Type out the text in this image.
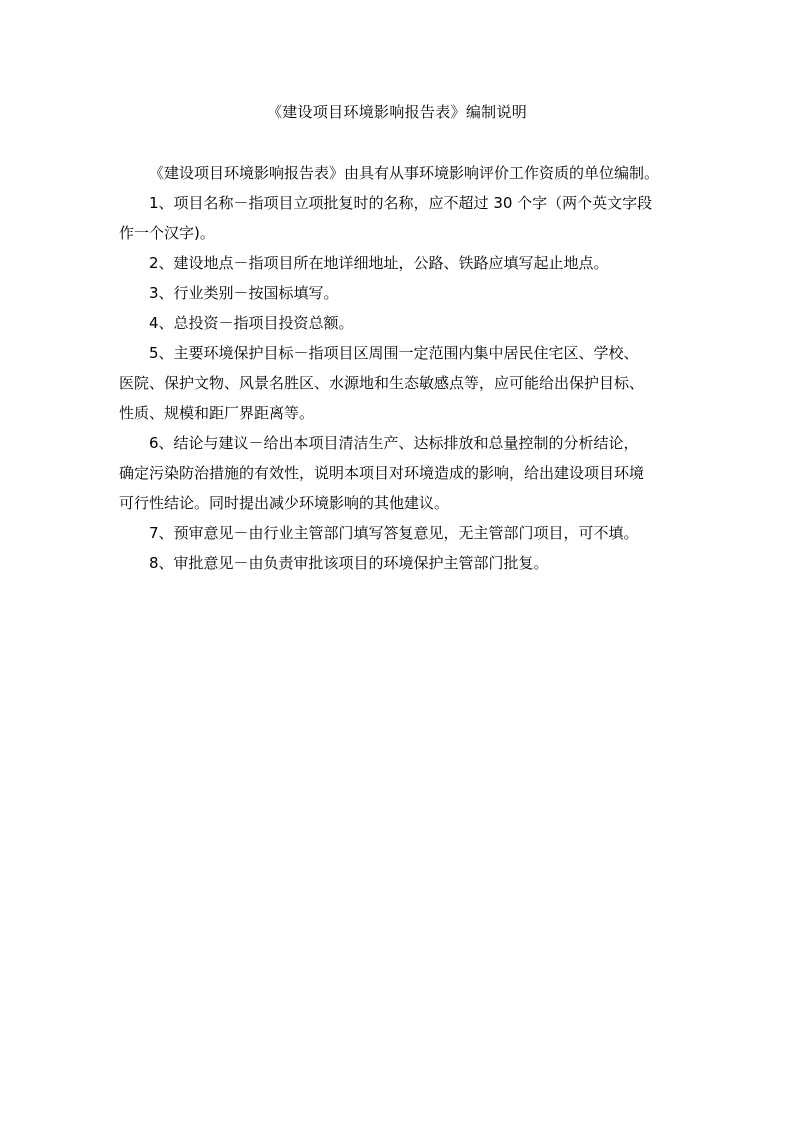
《建设项目环境影响报告表》编制说明
《建设项目环境影响报告表》由具有从事环境影响评价工作资质的单位编制。
1、项目名称－指项目立项批复时的名称，应不超过 30 个字（两个英文字段
作一个汉字)。
2、建设地点－指项目所在地详细地址，公路、铁路应填写起止地点。
3、行业类别－按国标填写。
4、总投资－指项目投资总额。
5、主要环境保护目标－指项目区周围一定范围内集中居民住宅区、学校、
医院、保护文物、风景名胜区、水源地和生态敏感点等，应可能给出保护目标、
性质、规模和距厂界距离等。
6、结论与建议－给出本项目清洁生产、达标排放和总量控制的分析结论，
确定污染防治措施的有效性，说明本项目对环境造成的影响，给出建设项目环境
可行性结论。同时提出减少环境影响的其他建议。
7、预审意见－由行业主管部门填写答复意见，无主管部门项目，可不填。
8、审批意见－由负责审批该项目的环境保护主管部门批复。
